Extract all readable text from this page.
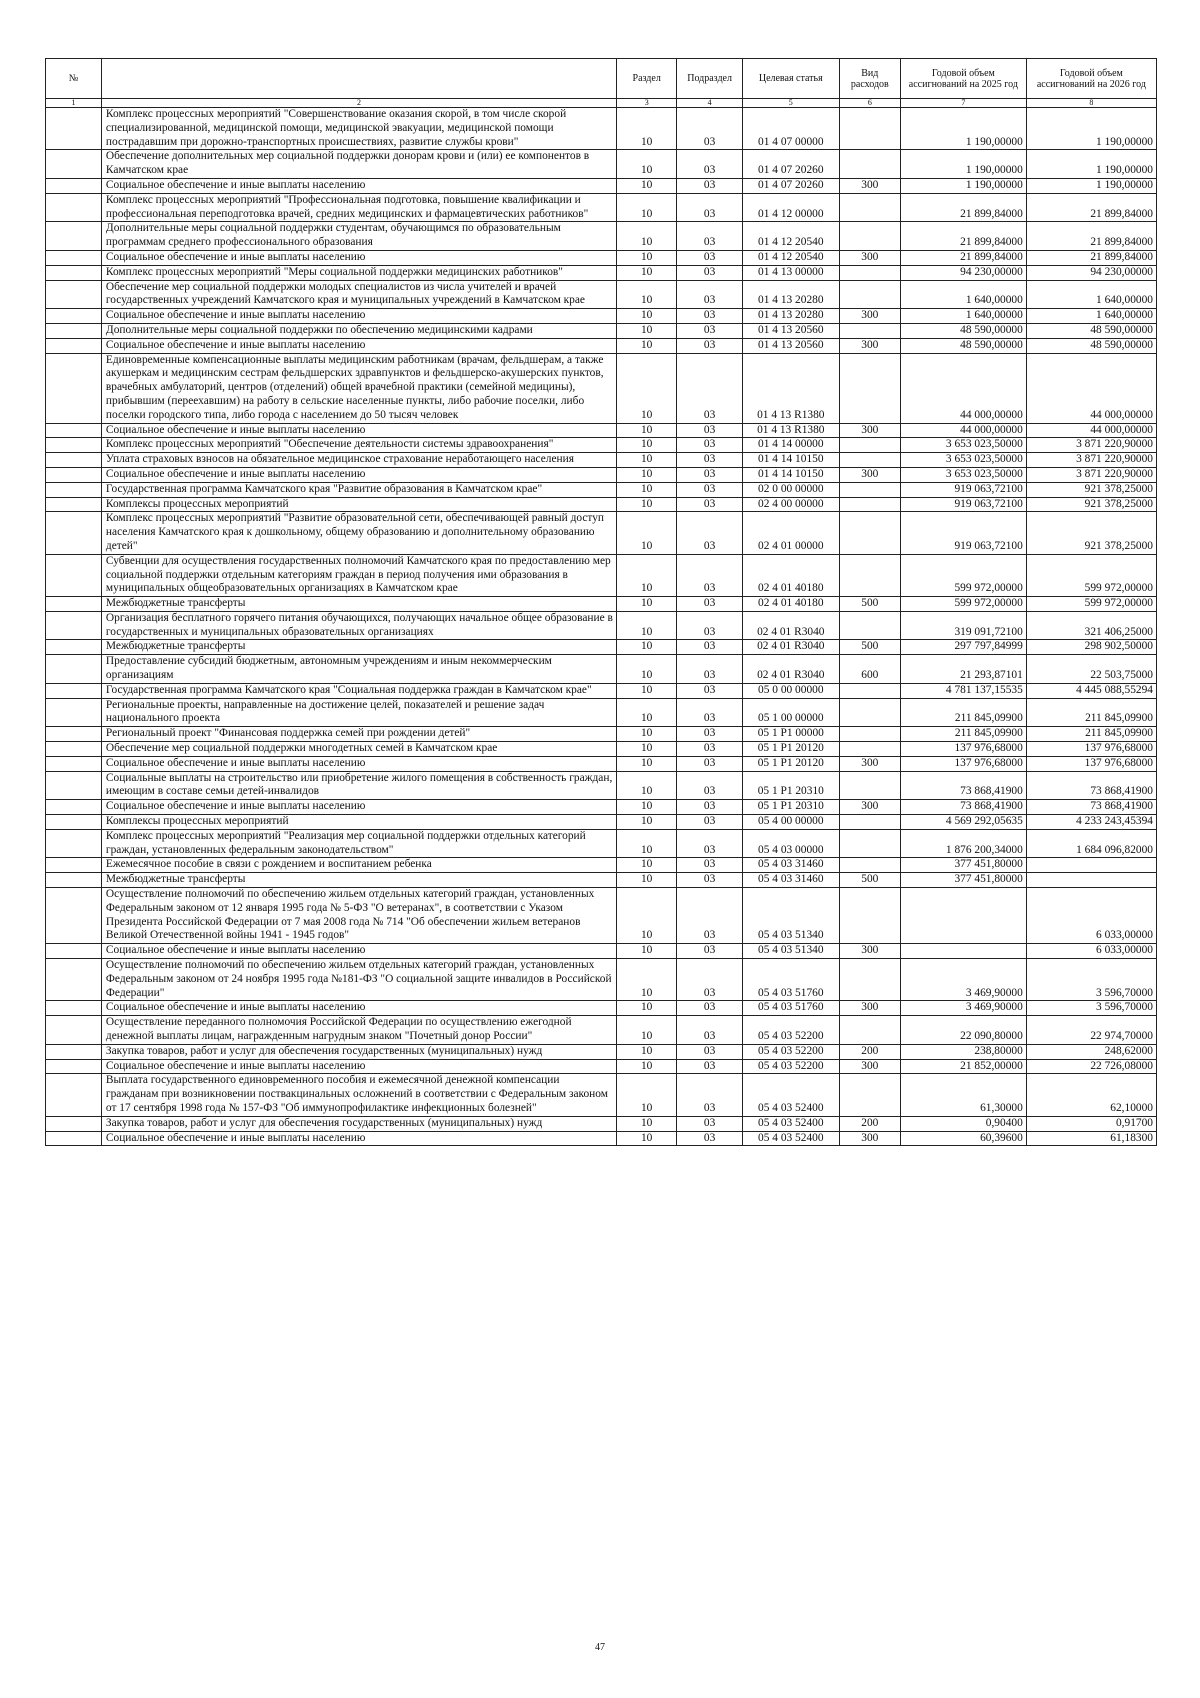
№		Раздел	Подраздел	Целевая статья	Вид расходов	Годовой объем ассигнований на 2025 год	Годовой объем ассигнований на 2026 год
1	2	3	4	5	6	7	8
	Комплекс процессных мероприятий "Совершенствование оказания скорой, в том числе скорой специализированной, медицинской помощи, медицинской эвакуации, медицинской помощи пострадавшим при дорожно-транспортных происшествиях, развитие службы крови"	10	03	01 4 07 00000		1 190,00000	1 190,00000
	Обеспечение дополнительных мер социальной поддержки донорам крови и (или) ее компонентов в Камчатском крае	10	03	01 4 07 20260		1 190,00000	1 190,00000
	Социальное обеспечение и иные выплаты населению	10	03	01 4 07 20260	300	1 190,00000	1 190,00000
	Комплекс процессных мероприятий "Профессиональная подготовка, повышение квалификации и профессиональная переподготовка врачей, средних медицинских и фармацевтических работников"	10	03	01 4 12 00000		21 899,84000	21 899,84000
	Дополнительные меры социальной поддержки студентам, обучающимся по образовательным программам среднего профессионального образования	10	03	01 4 12 20540		21 899,84000	21 899,84000
	Социальное обеспечение и иные выплаты населению	10	03	01 4 12 20540	300	21 899,84000	21 899,84000
	Комплекс процессных мероприятий "Меры социальной поддержки медицинских работников"	10	03	01 4 13 00000		94 230,00000	94 230,00000
	Обеспечение мер социальной поддержки молодых специалистов из числа учителей и врачей государственных учреждений Камчатского края и муниципальных учреждений в Камчатском крае	10	03	01 4 13 20280		1 640,00000	1 640,00000
	Социальное обеспечение и иные выплаты населению	10	03	01 4 13 20280	300	1 640,00000	1 640,00000
	Дополнительные меры социальной поддержки по обеспечению медицинскими кадрами	10	03	01 4 13 20560		48 590,00000	48 590,00000
	Социальное обеспечение и иные выплаты населению	10	03	01 4 13 20560	300	48 590,00000	48 590,00000
	Единовременные компенсационные выплаты медицинским работникам (врачам, фельдшерам, а также акушеркам и медицинским сестрам фельдшерских здравпунктов и фельдшерско-акушерских пунктов, врачебных амбулаторий, центров (отделений) общей врачебной практики (семейной медицины), прибывшим (переехавшим) на работу в сельские населенные пункты, либо рабочие поселки, либо поселки городского типа, либо города с населением до 50 тысяч человек	10	03	01 4 13 R1380		44 000,00000	44 000,00000
	Социальное обеспечение и иные выплаты населению	10	03	01 4 13 R1380	300	44 000,00000	44 000,00000
	Комплекс процессных мероприятий "Обеспечение деятельности системы здравоохранения"	10	03	01 4 14 00000		3 653 023,50000	3 871 220,90000
	Уплата страховых взносов на обязательное медицинское страхование неработающего населения	10	03	01 4 14 10150		3 653 023,50000	3 871 220,90000
	Социальное обеспечение и иные выплаты населению	10	03	01 4 14 10150	300	3 653 023,50000	3 871 220,90000
	Государственная программа Камчатского края "Развитие образования в Камчатском крае"	10	03	02 0 00 00000		919 063,72100	921 378,25000
	Комплексы процессных мероприятий	10	03	02 4 00 00000		919 063,72100	921 378,25000
	Комплекс процессных мероприятий "Развитие образовательной сети, обеспечивающей равный доступ населения Камчатского края к дошкольному, общему образованию и дополнительному образованию детей"	10	03	02 4 01 00000		919 063,72100	921 378,25000
	Субвенции для осуществления государственных полномочий Камчатского края по предоставлению мер социальной поддержки отдельным категориям граждан в период получения ими образования в муниципальных общеобразовательных организациях в Камчатском крае	10	03	02 4 01 40180		599 972,00000	599 972,00000
	Межбюджетные трансферты	10	03	02 4 01 40180	500	599 972,00000	599 972,00000
	Организация бесплатного горячего питания обучающихся, получающих начальное общее образование в государственных и муниципальных образовательных организациях	10	03	02 4 01 R3040		319 091,72100	321 406,25000
	Межбюджетные трансферты	10	03	02 4 01 R3040	500	297 797,84999	298 902,50000
	Предоставление субсидий бюджетным, автономным учреждениям и иным некоммерческим организациям	10	03	02 4 01 R3040	600	21 293,87101	22 503,75000
	Государственная программа Камчатского края "Социальная поддержка граждан в Камчатском крае"	10	03	05 0 00 00000		4 781 137,15535	4 445 088,55294
	Региональные проекты, направленные на достижение целей, показателей и решение задач национального проекта	10	03	05 1 00 00000		211 845,09900	211 845,09900
	Региональный проект "Финансовая поддержка семей при рождении детей"	10	03	05 1 P1 00000		211 845,09900	211 845,09900
	Обеспечение мер социальной поддержки многодетных семей в Камчатском крае	10	03	05 1 P1 20120		137 976,68000	137 976,68000
	Социальное обеспечение и иные выплаты населению	10	03	05 1 P1 20120	300	137 976,68000	137 976,68000
	Социальные выплаты на строительство или приобретение жилого помещения в собственность граждан, имеющим в составе семьи детей-инвалидов	10	03	05 1 P1 20310		73 868,41900	73 868,41900
	Социальное обеспечение и иные выплаты населению	10	03	05 1 P1 20310	300	73 868,41900	73 868,41900
	Комплексы процессных мероприятий	10	03	05 4 00 00000		4 569 292,05635	4 233 243,45394
	Комплекс процессных мероприятий "Реализация мер социальной поддержки отдельных категорий граждан, установленных федеральным законодательством"	10	03	05 4 03 00000		1 876 200,34000	1 684 096,82000
	Ежемесячное пособие в связи с рождением и воспитанием ребенка	10	03	05 4 03 31460		377 451,80000	
	Межбюджетные трансферты	10	03	05 4 03 31460	500	377 451,80000	
	Осуществление полномочий по обеспечению жильем отдельных категорий граждан, установленных Федеральным законом от 12 января 1995 года № 5-ФЗ "О ветеранах", в соответствии с Указом Президента Российской Федерации от 7 мая 2008 года № 714 "Об обеспечении жильем ветеранов Великой Отечественной войны 1941 - 1945 годов"	10	03	05 4 03 51340			6 033,00000
	Социальное обеспечение и иные выплаты населению	10	03	05 4 03 51340	300		6 033,00000
	Осуществление полномочий по обеспечению жильем отдельных категорий граждан, установленных Федеральным законом от 24 ноября 1995 года №181-ФЗ "О социальной защите инвалидов в Российской Федерации"	10	03	05 4 03 51760		3 469,90000	3 596,70000
	Социальное обеспечение и иные выплаты населению	10	03	05 4 03 51760	300	3 469,90000	3 596,70000
	Осуществление переданного полномочия Российской Федерации по осуществлению ежегодной денежной выплаты лицам, награжденным нагрудным знаком "Почетный донор России"	10	03	05 4 03 52200		22 090,80000	22 974,70000
	Закупка товаров, работ и услуг для обеспечения государственных (муниципальных) нужд	10	03	05 4 03 52200	200	238,80000	248,62000
	Социальное обеспечение и иные выплаты населению	10	03	05 4 03 52200	300	21 852,00000	22 726,08000
	Выплата государственного единовременного пособия и ежемесячной денежной компенсации гражданам при возникновении поствакцинальных осложнений в соответствии с Федеральным законом от 17 сентября 1998 года № 157-ФЗ "Об иммунопрофилактике инфекционных болезней"	10	03	05 4 03 52400		61,30000	62,10000
	Закупка товаров, работ и услуг для обеспечения государственных (муниципальных) нужд	10	03	05 4 03 52400	200	0,90400	0,91700
	Социальное обеспечение и иные выплаты населению	10	03	05 4 03 52400	300	60,39600	61,18300
47
